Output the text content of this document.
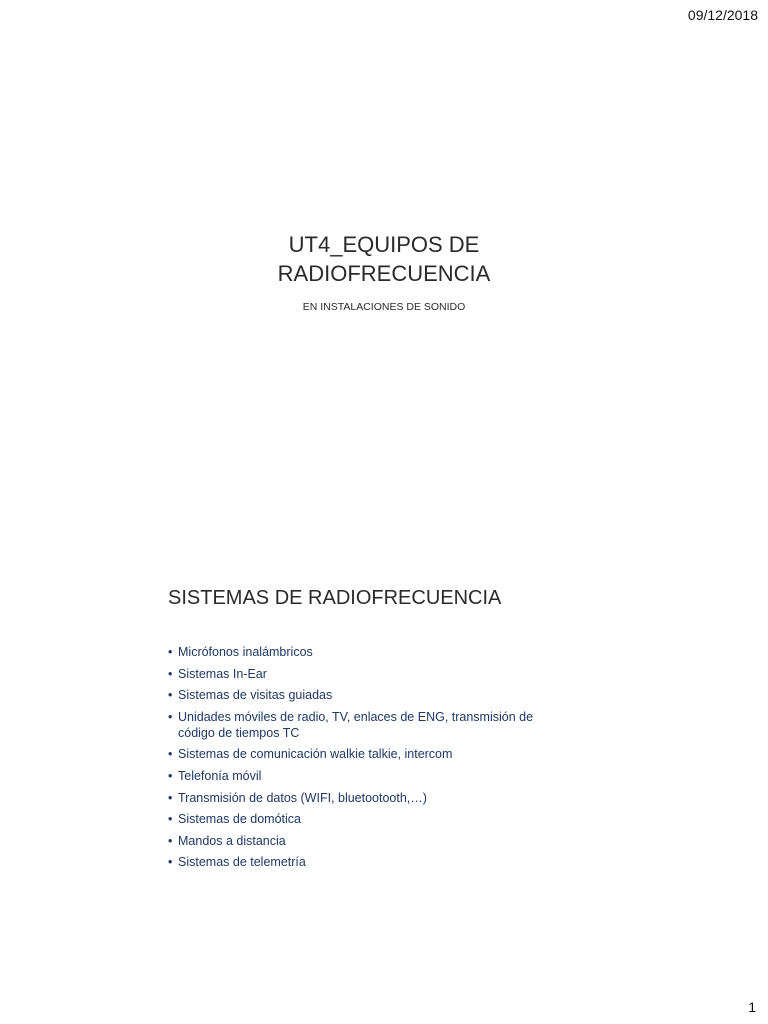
09/12/2018
UT4_EQUIPOS DE
RADIOFRECUENCIA

EN INSTALACIONES DE SONIDO

SISTEMAS DE RADIOFRECUENCIA
• Micrófonos inalámbricos
• Sistemas In-Ear
• Sistemas de visitas guiadas
• Unidades móviles de radio, TV, enlaces de ENG, transmisión de código de tiempos TC
• Sistemas de comunicación walkie talkie, intercom
• Telefonía móvil
• Transmisión de datos (WIFI, bluetootooth,…)
• Sistemas de domótica
• Mandos a distancia
• Sistemas de telemetría
1
